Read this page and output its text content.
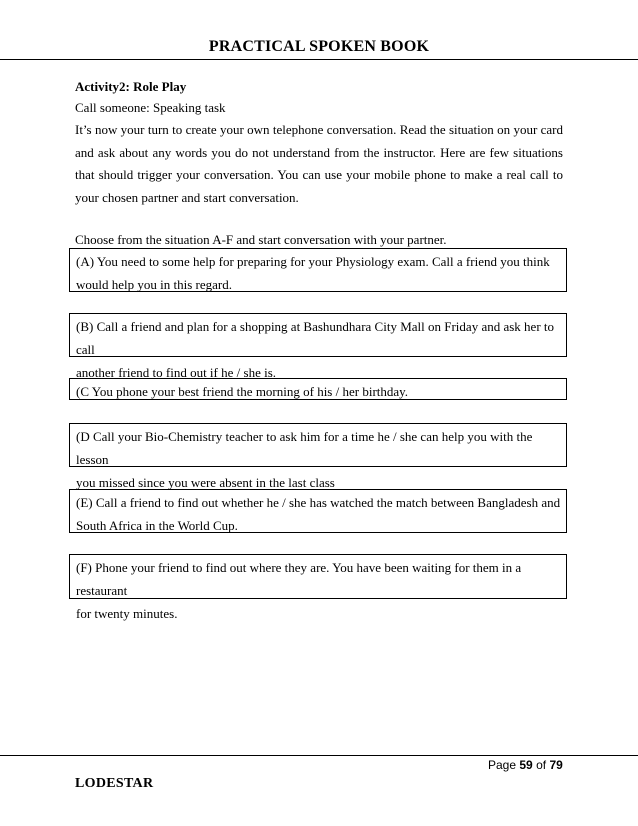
PRACTICAL SPOKEN BOOK

Activity2: Role Play

Call someone: Speaking task

It’s now your turn to create your own telephone conversation. Read the situation on your card and ask about any words you do not understand from the instructor. Here are few situations that should trigger your conversation. You can use your mobile phone to make a real call to your chosen partner and start conversation.

Choose from the situation A-F and start conversation with your partner.

(A) You need to some help for preparing for your Physiology exam. Call a friend you think
would help you in this regard.
(B) Call a friend and plan for a shopping at Bashundhara City Mall on Friday and ask her to call
another friend to find out if he / she is.
(C You phone your best friend the morning of his / her birthday.
(D Call your Bio-Chemistry teacher to ask him for a time he / she can help you with the lesson
you missed since you were absent in the last class
(E) Call a friend to find out whether he / she has watched the match between Bangladesh and
South Africa in the World Cup.
(F) Phone your friend to find out where they are. You have been waiting for them in a restaurant
for twenty minutes.
Page 59 of 79
LODESTAR
